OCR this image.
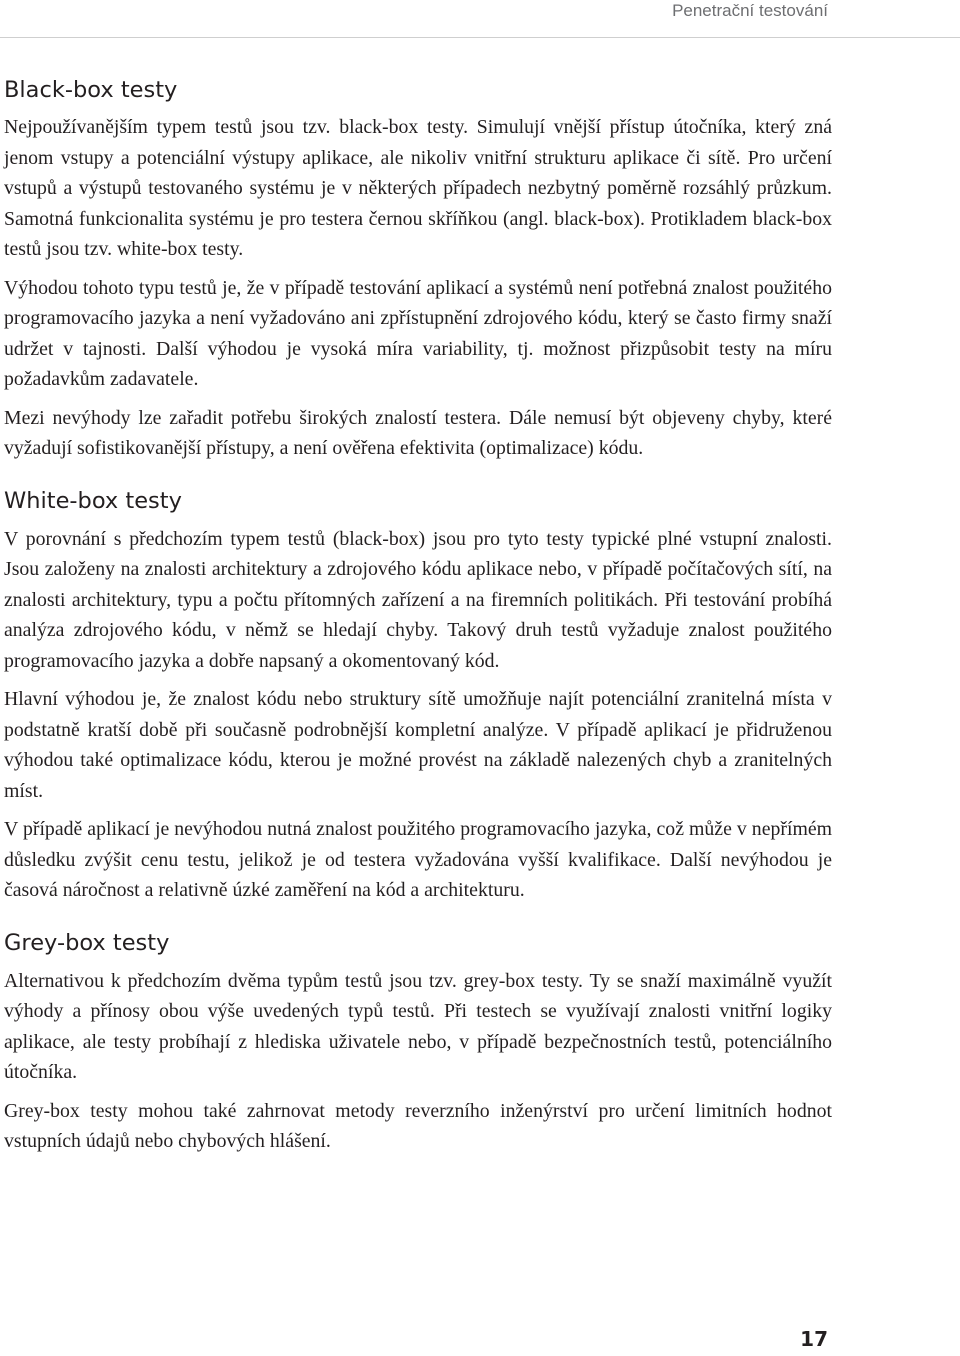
Penetrační testování
Black-box testy

Nejpoužívanějším typem testů jsou tzv. black-box testy. Simulují vnější přístup útočníka, který zná jenom vstupy a potenciální výstupy aplikace, ale nikoliv vnitřní strukturu aplikace či sítě. Pro určení vstupů a výstupů testovaného systému je v některých případech nezbytný poměrně rozsáhlý průzkum. Samotná funkcionalita systému je pro testera černou skříňkou (angl. black-box). Protikladem black-box testů jsou tzv. white-box testy.

Výhodou tohoto typu testů je, že v případě testování aplikací a systémů není potřebná znalost použitého programovacího jazyka a není vyžadováno ani zpřístupnění zdrojového kódu, který se často firmy snaží udržet v tajnosti. Další výhodou je vysoká míra variability, tj. možnost přizpůsobit testy na míru požadavkům zadavatele.

Mezi nevýhody lze zařadit potřebu širokých znalostí testera. Dále nemusí být objeveny chyby, které vyžadují sofistikovanější přístupy, a není ověřena efektivita (optimalizace) kódu.

White-box testy

V porovnání s předchozím typem testů (black-box) jsou pro tyto testy typické plné vstupní znalosti. Jsou založeny na znalosti architektury a zdrojového kódu aplikace nebo, v případě počítačových sítí, na znalosti architektury, typu a počtu přítomných zařízení a na firemních politikách. Při testování probíhá analýza zdrojového kódu, v němž se hledají chyby. Takový druh testů vyžaduje znalost použitého programovacího jazyka a dobře napsaný a okomentovaný kód.

Hlavní výhodou je, že znalost kódu nebo struktury sítě umožňuje najít potenciální zranitelná místa v podstatně kratší době při současně podrobnější kompletní analýze. V případě aplikací je přidruženou výhodou také optimalizace kódu, kterou je možné provést na základě nalezených chyb a zranitelných míst.

V případě aplikací je nevýhodou nutná znalost použitého programovacího jazyka, což může v nepřímém důsledku zvýšit cenu testu, jelikož je od testera vyžadována vyšší kvalifikace. Další nevýhodou je časová náročnost a relativně úzké zaměření na kód a architekturu.

Grey-box testy

Alternativou k předchozím dvěma typům testů jsou tzv. grey-box testy. Ty se snaží maximálně využít výhody a přínosy obou výše uvedených typů testů. Při testech se využívají znalosti vnitřní logiky aplikace, ale testy probíhají z hlediska uživatele nebo, v případě bezpečnostních testů, potenciálního útočníka.

Grey-box testy mohou také zahrnovat metody reverzního inženýrství pro určení limitních hodnot vstupních údajů nebo chybových hlášení.

17
